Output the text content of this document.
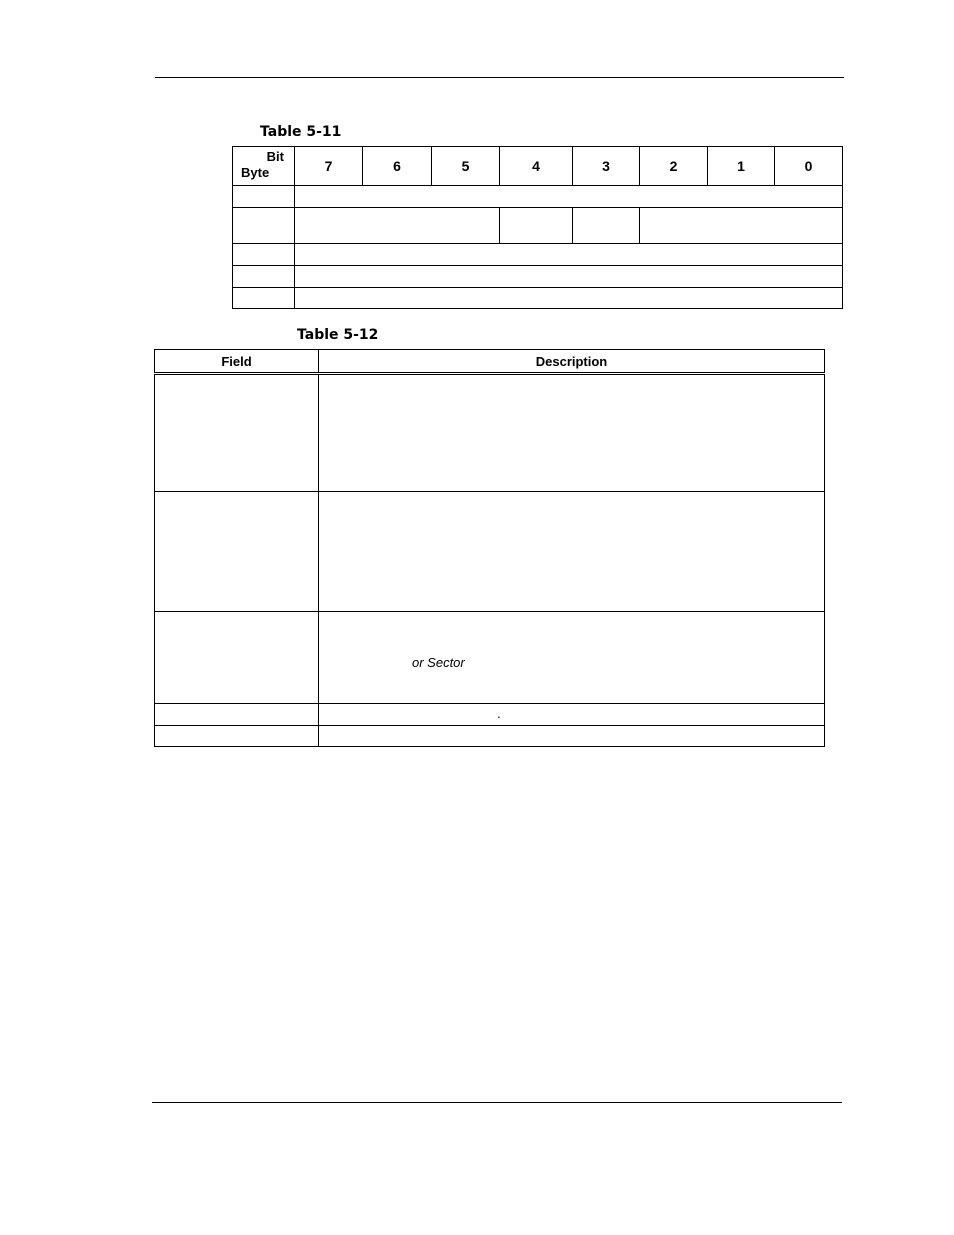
Table 5-11
Bit
Byte	7	6	5	4	3	2	1	0

Table 5-12
Field	Description

	or Sector

	.
